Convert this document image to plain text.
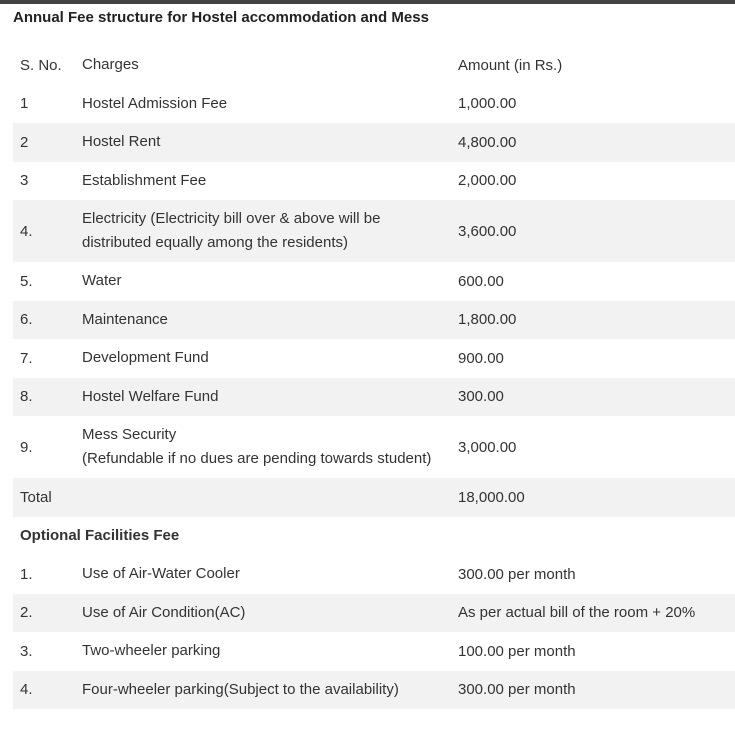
Annual Fee structure for Hostel accommodation and Mess
S. No.	Charges	Amount (in Rs.)
1	Hostel Admission Fee	1,000.00
2	Hostel Rent	4,800.00
3	Establishment Fee	2,000.00
4.	Electricity (Electricity bill over & above will be
distributed equally among the residents)	3,600.00
5.	Water	600.00
6.	Maintenance	1,800.00
7.	Development Fund	900.00
8.	Hostel Welfare Fund	300.00
9.	Mess Security
(Refundable if no dues are pending towards student)	3,000.00
Total		18,000.00
Optional Facilities Fee		
1.	Use of Air-Water Cooler	300.00 per month
2.	Use of Air Condition(AC)	As per actual bill of the room + 20%
3.	Two-wheeler parking	100.00 per month
4.	Four-wheeler parking(Subject to the availability)	300.00 per month
